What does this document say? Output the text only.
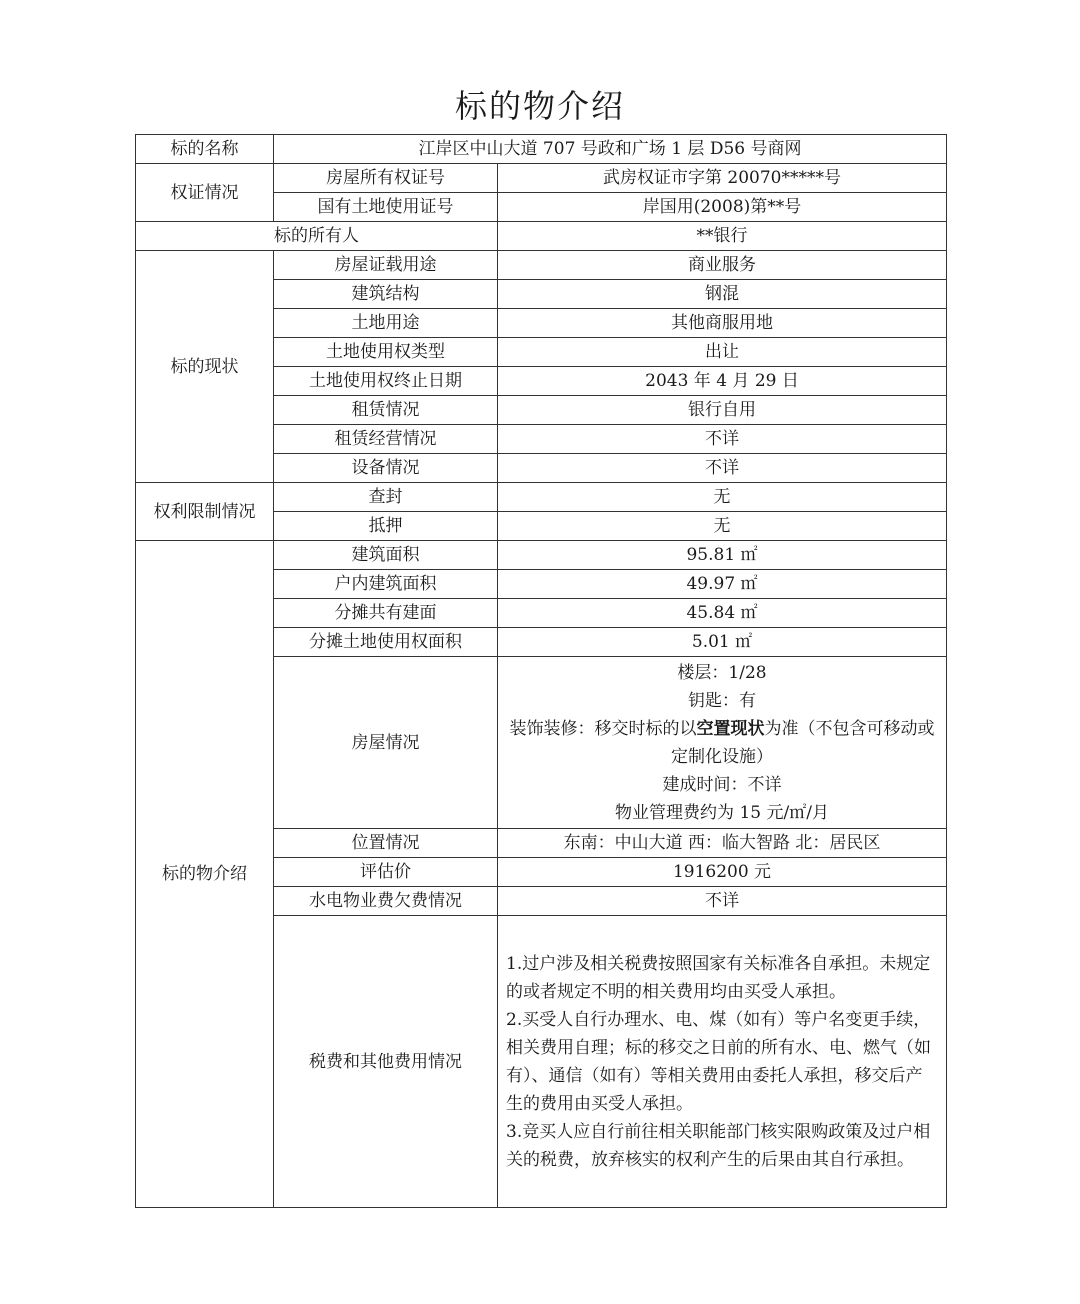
标的物介绍
标的名称	江岸区中山大道 707 号政和广场 1 层 D56 号商网	
权证情况	房屋所有权证号	武房权证市字第 20070*****号
	国有土地使用证号	岸国用(2008)第**号
标的所有人		**银行
标的现状	房屋证载用途	商业服务
	建筑结构	钢混
	土地用途	其他商服用地
	土地使用权类型	出让
	土地使用权终止日期	2043 年 4 月 29 日
	租赁情况	银行自用
	租赁经营情况	不详
	设备情况	不详
权利限制情况	查封	无
	抵押	无
标的物介绍	建筑面积	95.81 ㎡
	户内建筑面积	49.97 ㎡
	分摊共有建面	45.84 ㎡
	分摊土地使用权面积	5.01 ㎡
	房屋情况	楼层：1/28
钥匙：有
装饰装修：移交时标的以空置现状为准（不包含可移动或定制化设施）
建成时间：不详
物业管理费约为 15 元/㎡/月

	位置情况	东南：中山大道 西：临大智路 北：居民区
	评估价	1916200 元
	水电物业费欠费情况	不详
	税费和其他费用情况	1.过户涉及相关税费按照国家有关标准各自承担。未规定的或者规定不明的相关费用均由买受人承担。

2.买受人自行办理水、电、煤（如有）等户名变更手续，相关费用自理；标的移交之日前的所有水、电、燃气（如有）、通信（如有）等相关费用由委托人承担，移交后产生的费用由买受人承担。

3.竞买人应自行前往相关职能部门核实限购政策及过户相关的税费，放弃核实的权利产生的后果由其自行承担。
